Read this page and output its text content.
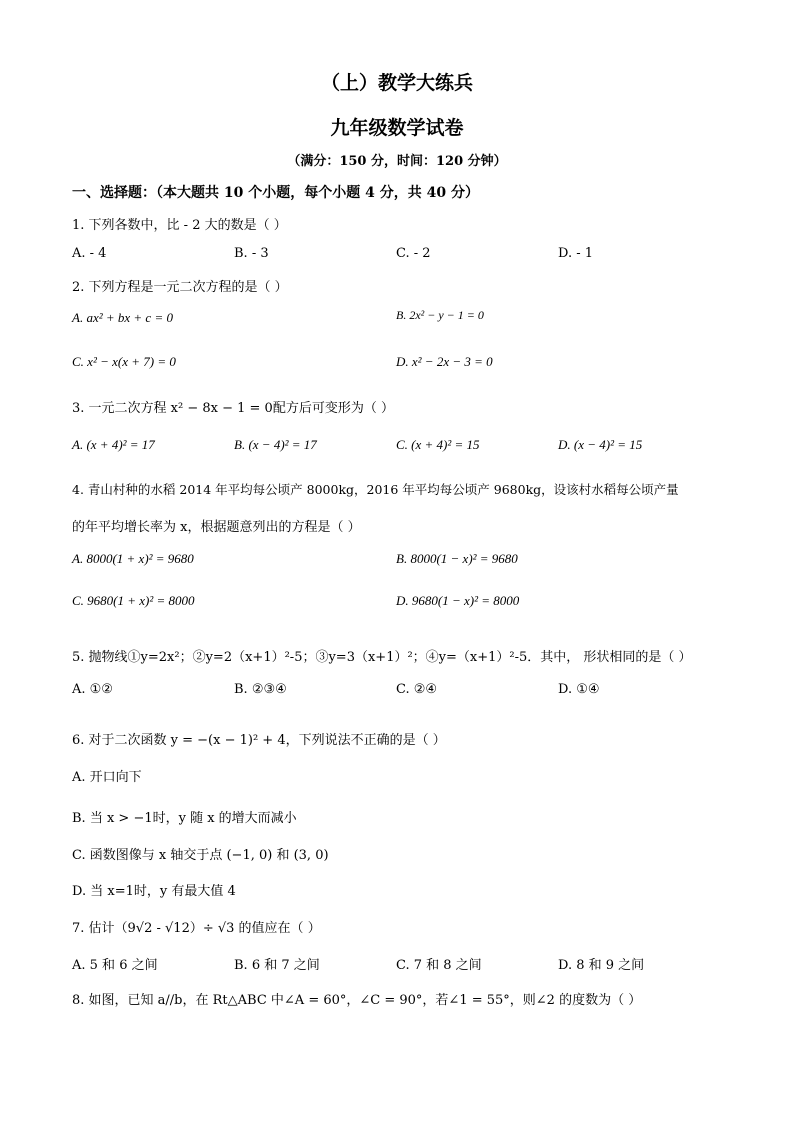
（上）教学大练兵
九年级数学试卷
（满分：150 分，时间：120 分钟）
一、选择题：（本大题共 10 个小题，每个小题 4 分，共 40 分）
1. 下列各数中，比 - 2 大的数是（ ）
A. - 4	B. - 3	C. - 2	D. - 1
2. 下列方程是一元二次方程的是（ ）
A. ax² + bx + c = 0	B. 2x² − y − 1 = 0
C. x² − x(x + 7) = 0	D. x² − 2x − 3 = 0
3. 一元二次方程 x² − 8x − 1 = 0配方后可变形为（ ）
A. (x + 4)² = 17	B. (x − 4)² = 17	C. (x + 4)² = 15	D. (x − 4)² = 15
4. 青山村种的水稻 2014 年平均每公顷产 8000kg，2016 年平均每公顷产 9680kg，设该村水稻每公顷产量
的年平均增长率为 x，根据题意列出的方程是（ ）
A. 8000(1 + x)² = 9680	B. 8000(1 − x)² = 9680
C. 9680(1 + x)² = 8000	D. 9680(1 − x)² = 8000
5. 抛物线①y=2x²；②y=2（x+1）²-5；③y=3（x+1）²；④y=（x+1）²-5．其中， 形状相同的是（ ）
A. ①②	B. ②③④	C. ②④	D. ①④
6. 对于二次函数 y = −(x − 1)² + 4，下列说法不正确的是（ ）
A. 开口向下
B. 当 x > −1时，y 随 x 的增大而减小
C. 函数图像与 x 轴交于点 (−1, 0) 和 (3, 0)
D. 当 x=1时，y 有最大值 4
7. 估计（9√2 - √12）÷ √3 的值应在（ ）
A. 5 和 6 之间	B. 6 和 7 之间	C. 7 和 8 之间	D. 8 和 9 之间
8. 如图，已知 a//b，在 Rt△ABC 中∠A = 60°，∠C = 90°，若∠1 = 55°，则∠2 的度数为（ ）
